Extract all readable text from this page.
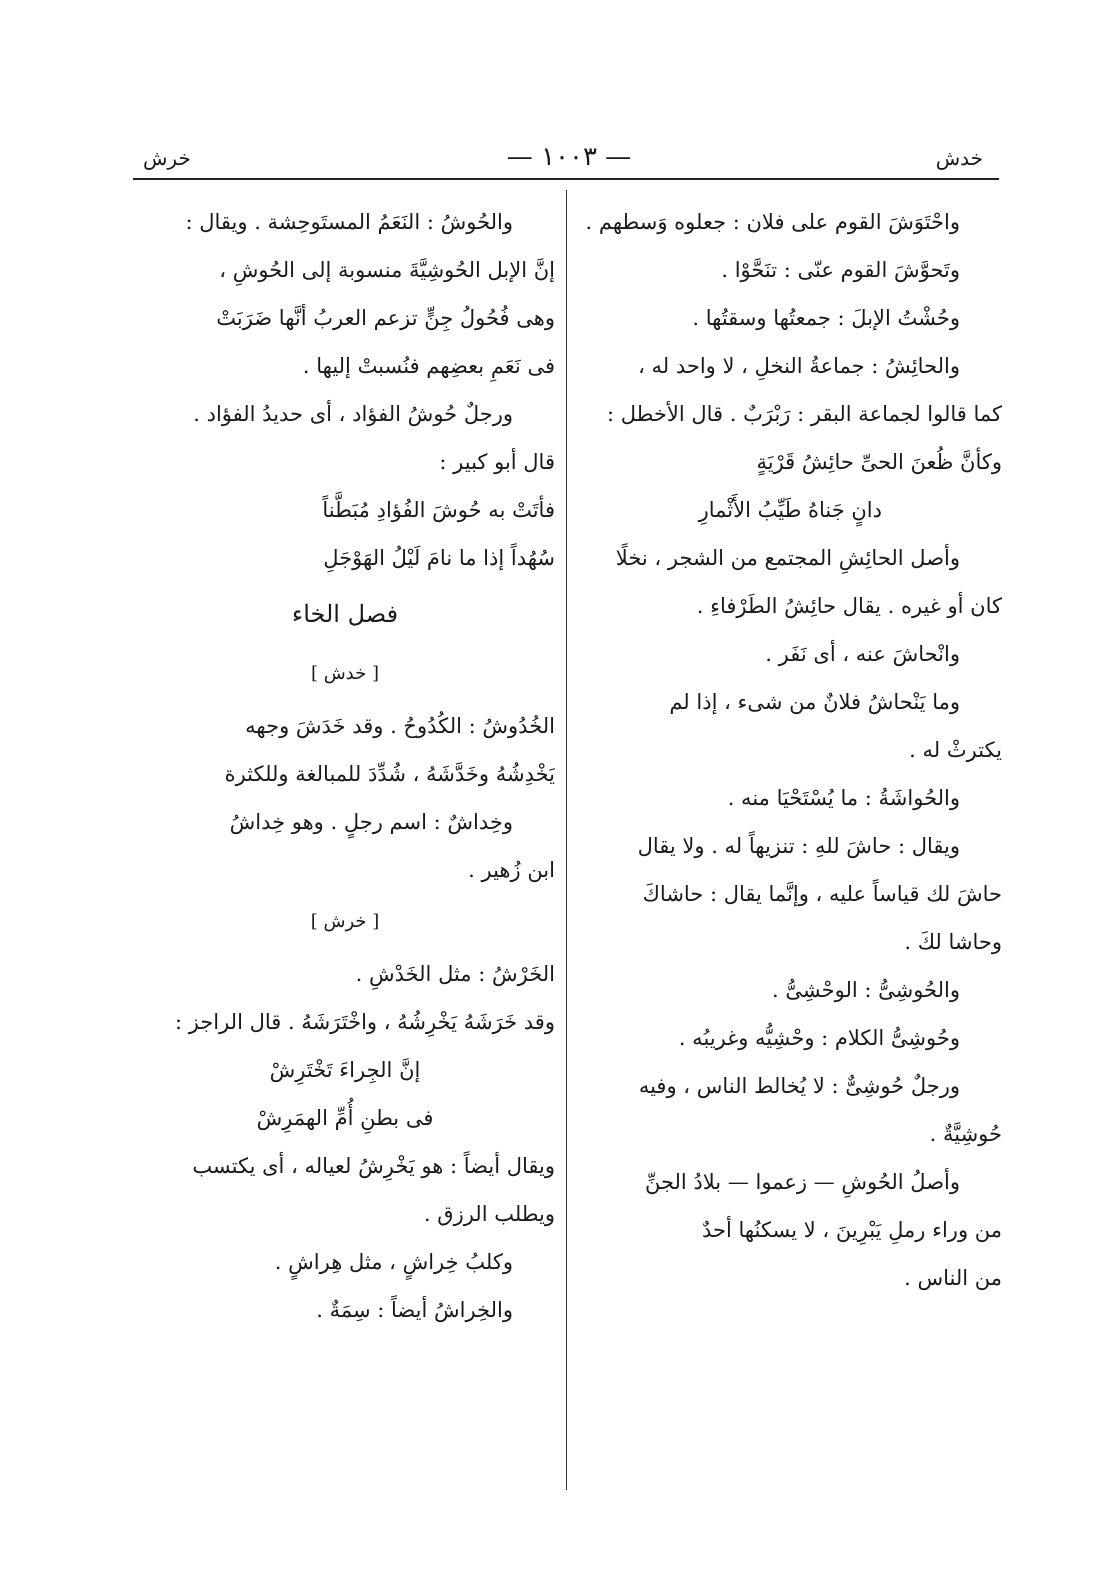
خرش	— ١٠٠٣ —	خدش
واحْتَوَشَ القوم على فلان : جعلوه وَسطهم .
وتَحوَّشَ القوم عنّى : تنَحَّوْا .
وحُشْتُ الإبلَ : جمعتُها وسقتُها .
والحائِشُ : جماعةُ النخلِ ، لا واحد له ،
كما قالوا لجماعة البقر : رَبْرَبٌ . قال الأخطل :
وكأنَّ ظُعنَ الحىِّ حائِشُ قَرْيَةٍ
دانٍ جَناهُ طَيِّبُ الأَثْمارِ
وأصل الحائِشِ المجتمع من الشجر ، نخلًا
كان أو غيره . يقال حائِشُ الطَرْفاءِ .
وانْحاشَ عنه ، أى نَفَر .
وما يَنْحاشُ فلانٌ من شىء ، إذا لم
يكترثْ له .
والحُواشَةُ : ما يُسْتَحْيَا منه .
ويقال : حاشَ للهِ : تنزيهاً له . ولا يقال
حاشَ لك قياساً عليه ، وإنَّما يقال : حاشاكَ
وحاشا لكَ .
والحُوشِىُّ : الوحْشِىُّ .
وحُوشِىُّ الكلام : وحْشِيُّه وغريبُه .
ورجلٌ حُوشِىٌّ : لا يُخالط الناس ، وفيه
حُوشِيَّةٌ .
وأصلُ الحُوشِ — زعموا — بلادُ الجنِّ
من وراء رملِ يَبْرِينَ ، لا يسكنُها أحدٌ
من الناس .
والحُوشُ : النَعَمُ المستَوحِشة . ويقال :
إنَّ الإبل الحُوشِيَّةَ منسوبة إلى الحُوشِ ،
وهى فُحُولُ جِنٍّ تزعم العربُ أنَّها ضَرَبَتْ
فى نَعَمِ بعضِهم فنُسبتْ إليها .
ورجلٌ حُوشُ الفؤاد ، أى حديدُ الفؤاد .
قال أبو كبير :
فأتَتْ به حُوشَ الفُؤادِ مُبَطَّناً
سُهُداً إذا ما نامَ لَيْلُ الهَوْجَلِ
فصل الخاء
[ خدش ]
الخُدُوشُ : الكُدُوحُ . وقد خَدَشَ وجهه
يَخْدِشُهُ وخَدَّشَهُ ، شُدِّدَ للمبالغة وللكثرة
وخِداشٌ : اسم رجلٍ . وهو خِداشُ
ابن زُهير .
[ خرش ]
الخَرْشُ : مثل الخَدْشِ .
وقد خَرَشَهُ يَخْرِشُهُ ، واخْتَرَشَهُ . قال الراجز :
إنَّ الجِراءَ تَخْتَرِشْ
فى بطنِ أُمِّ الهمَرِشْ
ويقال أيضاً : هو يَخْرِشُ لعياله ، أى يكتسب
ويطلب الرزق .
وكلبُ خِراشٍ ، مثل هِراشٍ .
والخِراشُ أيضاً : سِمَةٌ .
